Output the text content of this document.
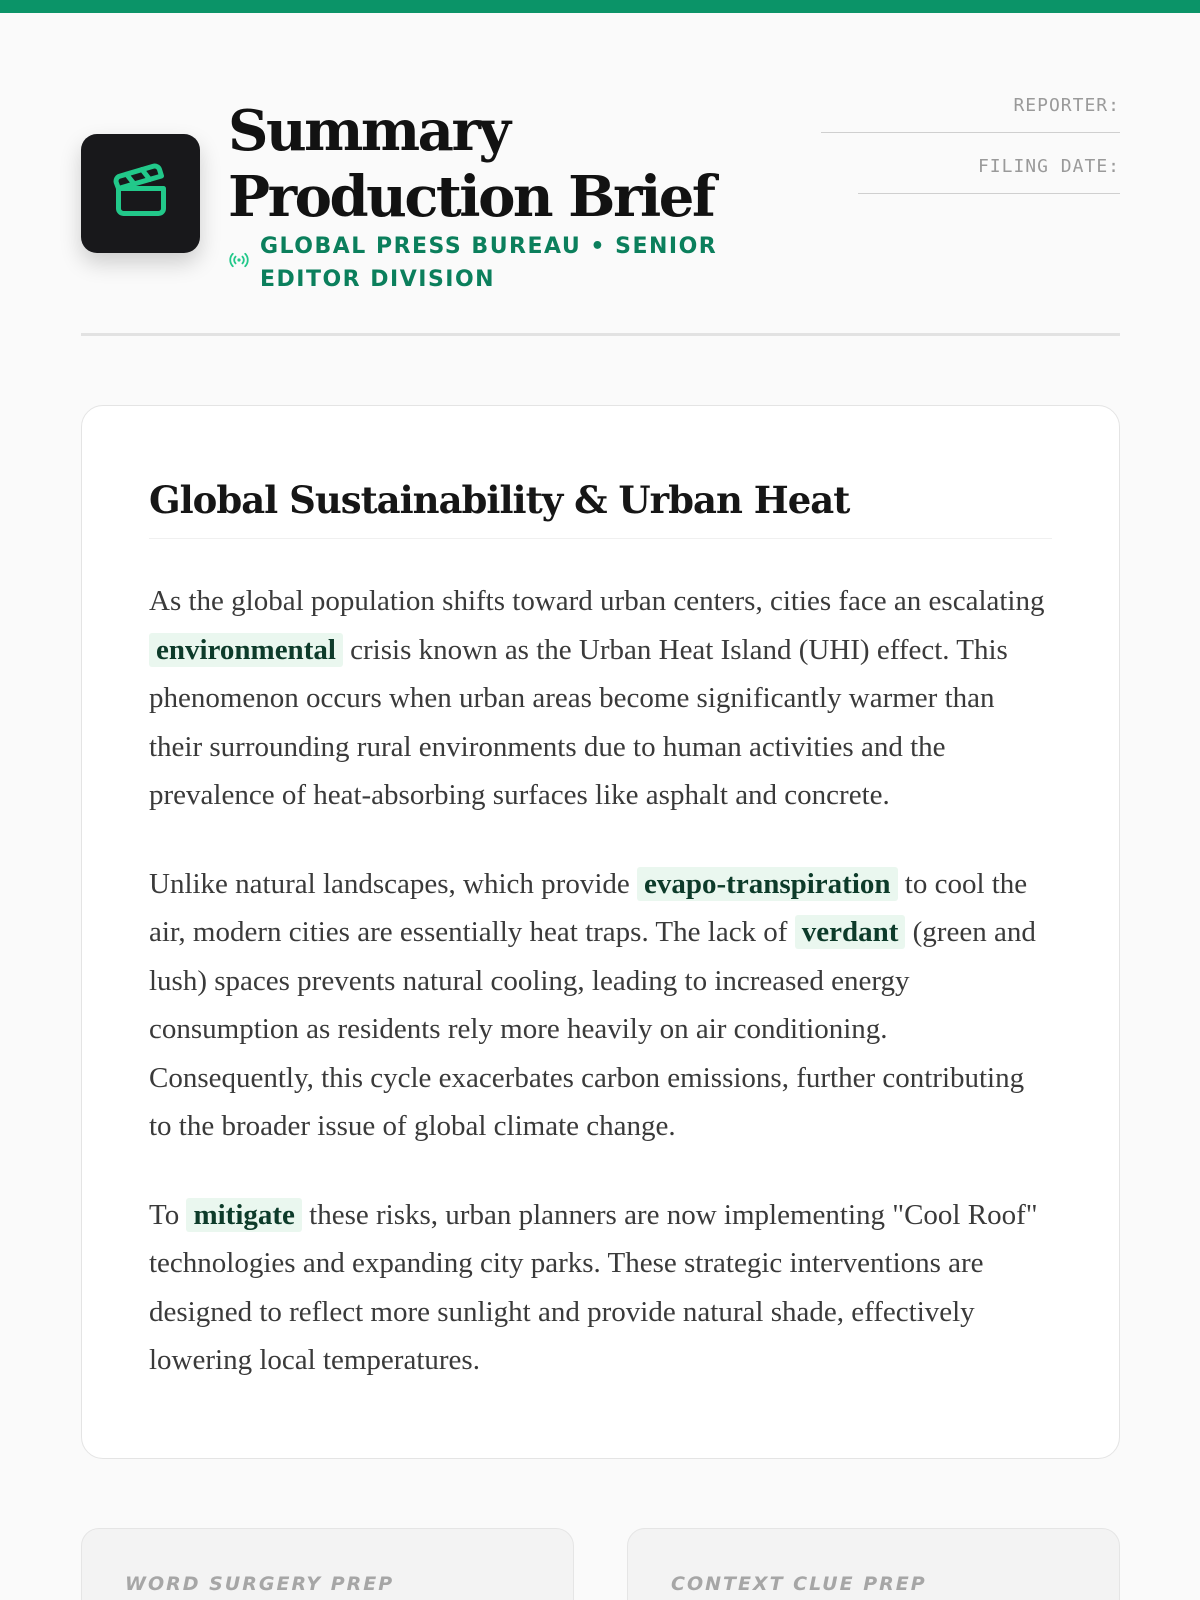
Summary
Production Brief
GLOBAL PRESS BUREAU • SENIOR
EDITOR DIVISION
REPORTER:
FILING DATE:
Global Sustainability & Urban Heat

As the global population shifts toward urban centers, cities face an escalating environmental crisis known as the Urban Heat Island (UHI) effect. This phenomenon occurs when urban areas become significantly warmer than their surrounding rural environments due to human activities and the prevalence of heat-absorbing surfaces like asphalt and concrete.

Unlike natural landscapes, which provide evapo-transpiration to cool the air, modern cities are essentially heat traps. The lack of verdant (green and lush) spaces prevents natural cooling, leading to increased energy consumption as residents rely more heavily on air conditioning. Consequently, this cycle exacerbates carbon emissions, further contributing to the broader issue of global climate change.

To mitigate these risks, urban planners are now implementing "Cool Roof" technologies and expanding city parks. These strategic interventions are designed to reflect more sunlight and provide natural shade, effectively lowering local temperatures.

WORD SURGERY PREP	CONTEXT CLUE PREP
